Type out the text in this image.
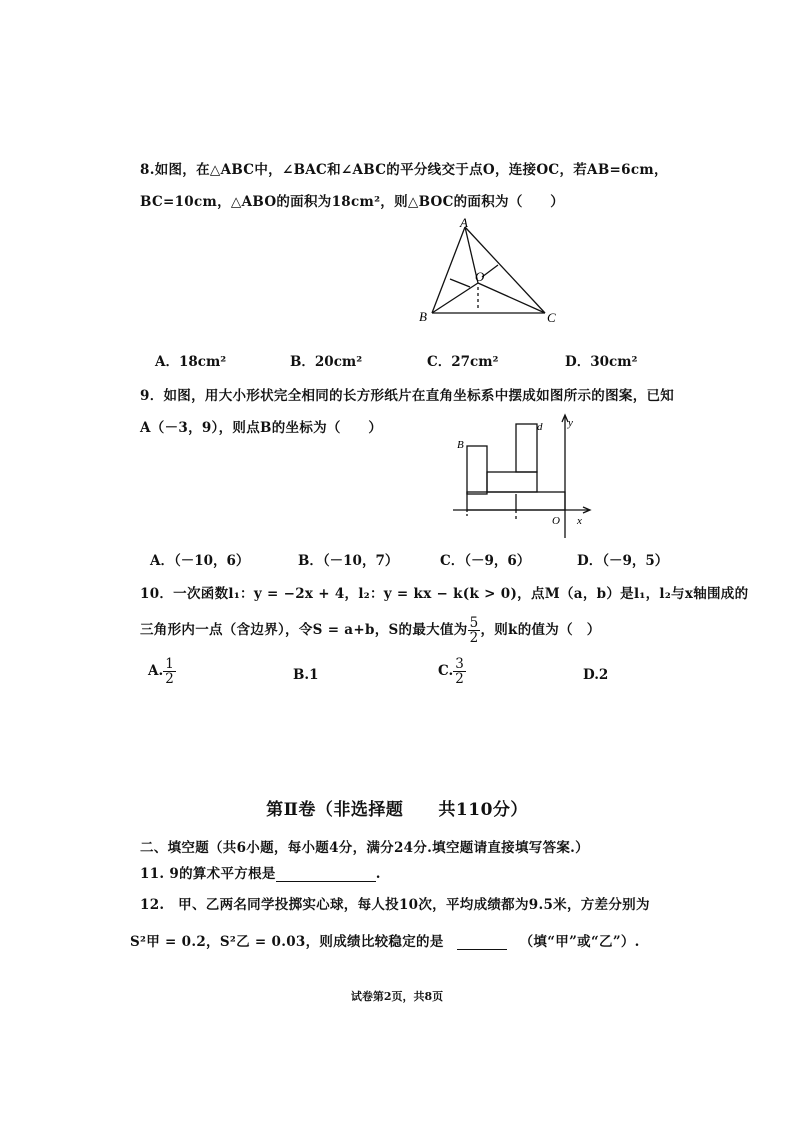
8.如图，在△ABC中，∠BAC和∠ABC的平分线交于点O，连接OC，若AB=6cm，
BC=10cm，△ABO的面积为18cm²，则△BOC的面积为（　　）
A
B	C
O
A．18cm²	B．20cm²	C．27cm²	D．30cm²
9．如图，用大小形状完全相同的长方形纸片在直角坐标系中摆成如图所示的图案，已知
A（－3，9），则点B的坐标为（　　）
B
d y
x
O
A．（－10，6）	B．（－10，7）	C．（－9，6）	D．（－9，5）
10．一次函数l₁：y = −2x + 4，l₂：y = kx − k(k > 0)，点M（a，b）是l₁，l₂与x轴围成的
三角形内一点（含边界），令S = a+b，S的最大值为 $\frac{5}{2}$ ，则k的值为（　）
A. $\frac{1}{2}$	B.1	C. $\frac{3}{2}$	D.2
第Ⅱ卷（非选择题　　共110分）
二、填空题（共6小题，每小题4分，满分24分.填空题请直接填写答案.）
11. 9的算术平方根是	.
12.　甲、乙两名同学投掷实心球，每人投10次，平均成绩都为9.5米，方差分别为
S²甲 = 0.2，S²乙 = 0.03，则成绩比较稳定的是	（填“甲”或“乙”）.
试卷第2页，共8页
